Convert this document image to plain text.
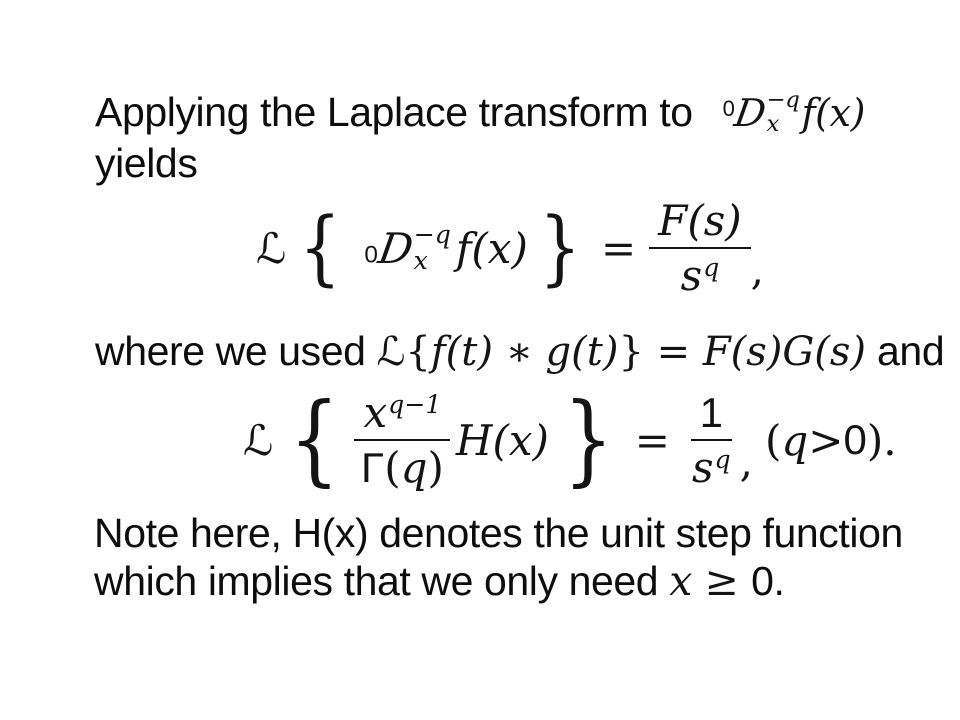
Applying the Laplace transform to 0
D
−q
x f(x)
yields
ℒ { 0
D
−q
x f(x) } = $\frac{F(s)}{s^q}$ ,
where we used ℒ{f(t) ∗ g(t)} = F(s)G(s) and
ℒ { $\frac{x^{q-1}}{\Gamma(q)} H(x)$ } = $\frac{1}{s^q}$ , ( q > 0 ).
Note here, H(x) denotes the unit step function
which implies that we only need x ≥ 0.
